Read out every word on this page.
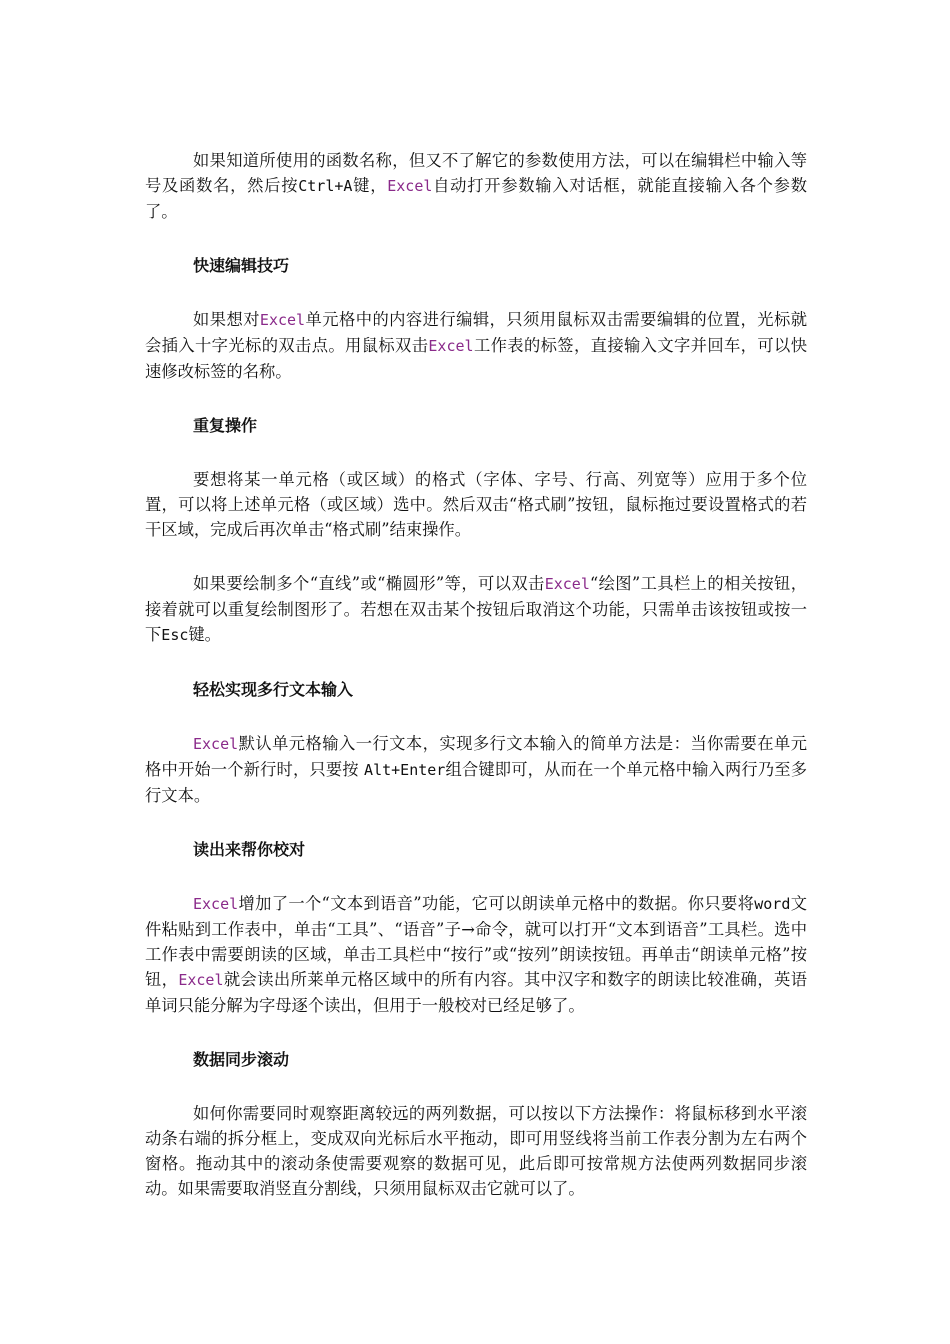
如果知道所使用的函数名称，但又不了解它的参数使用方法，可以在编辑栏中输入等号及函数名，然后按Ctrl+A键，Excel自动打开参数输入对话框，就能直接输入各个参数了。

快速编辑技巧

如果想对Excel单元格中的内容进行编辑，只须用鼠标双击需要编辑的位置，光标就会插入十字光标的双击点。用鼠标双击Excel工作表的标签，直接输入文字并回车，可以快速修改标签的名称。

重复操作

要想将某一单元格（或区域）的格式（字体、字号、行高、列宽等）应用于多个位置，可以将上述单元格（或区域）选中。然后双击“格式刷”按钮，鼠标拖过要设置格式的若干区域，完成后再次单击“格式刷”结束操作。

如果要绘制多个“直线”或“椭圆形”等，可以双击Excel“绘图”工具栏上的相关按钮，接着就可以重复绘制图形了。若想在双击某个按钮后取消这个功能，只需单击该按钮或按一下Esc键。

轻松实现多行文本输入

Excel默认单元格输入一行文本，实现多行文本输入的简单方法是：当你需要在单元格中开始一个新行时，只要按 Alt+Enter组合键即可，从而在一个单元格中输入两行乃至多行文本。

读出来帮你校对

Excel增加了一个“文本到语音”功能，它可以朗读单元格中的数据。你只要将word文件粘贴到工作表中，单击“工具”、“语音”子→命令，就可以打开“文本到语音”工具栏。选中工作表中需要朗读的区域，单击工具栏中“按行”或“按列”朗读按钮。再单击“朗读单元格”按钮，Excel就会读出所莱单元格区域中的所有内容。其中汉字和数字的朗读比较准确，英语单词只能分解为字母逐个读出，但用于一般校对已经足够了。

数据同步滚动

如何你需要同时观察距离较远的两列数据，可以按以下方法操作：将鼠标移到水平滚动条右端的拆分框上，变成双向光标后水平拖动，即可用竖线将当前工作表分割为左右两个窗格。拖动其中的滚动条使需要观察的数据可见，此后即可按常规方法使两列数据同步滚动。如果需要取消竖直分割线，只须用鼠标双击它就可以了。
